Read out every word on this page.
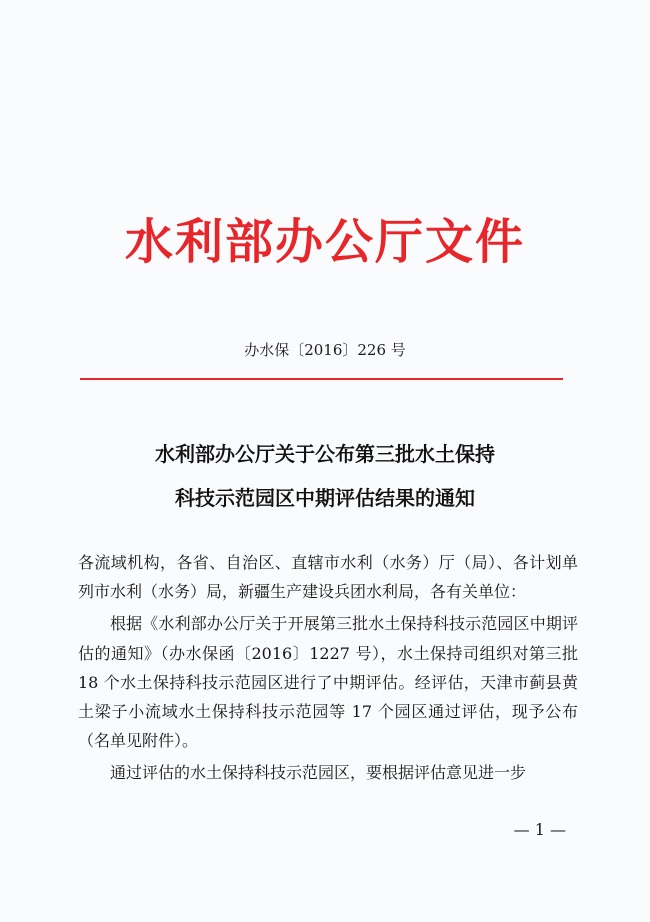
水利部办公厅文件
办水保〔2016〕226 号
水利部办公厅关于公布第三批水土保持
科技示范园区中期评估结果的通知

各流域机构，各省、自治区、直辖市水利（水务）厅（局）、各计划单列市水利（水务）局，新疆生产建设兵团水利局，各有关单位：

根据《水利部办公厅关于开展第三批水土保持科技示范园区中期评估的通知》（办水保函〔2016〕1227 号），水土保持司组织对第三批 18 个水土保持科技示范园区进行了中期评估。经评估，天津市蓟县黄土梁子小流域水土保持科技示范园等 17 个园区通过评估，现予公布（名单见附件）。

通过评估的水土保持科技示范园区，要根据评估意见进一步

— 1 —
